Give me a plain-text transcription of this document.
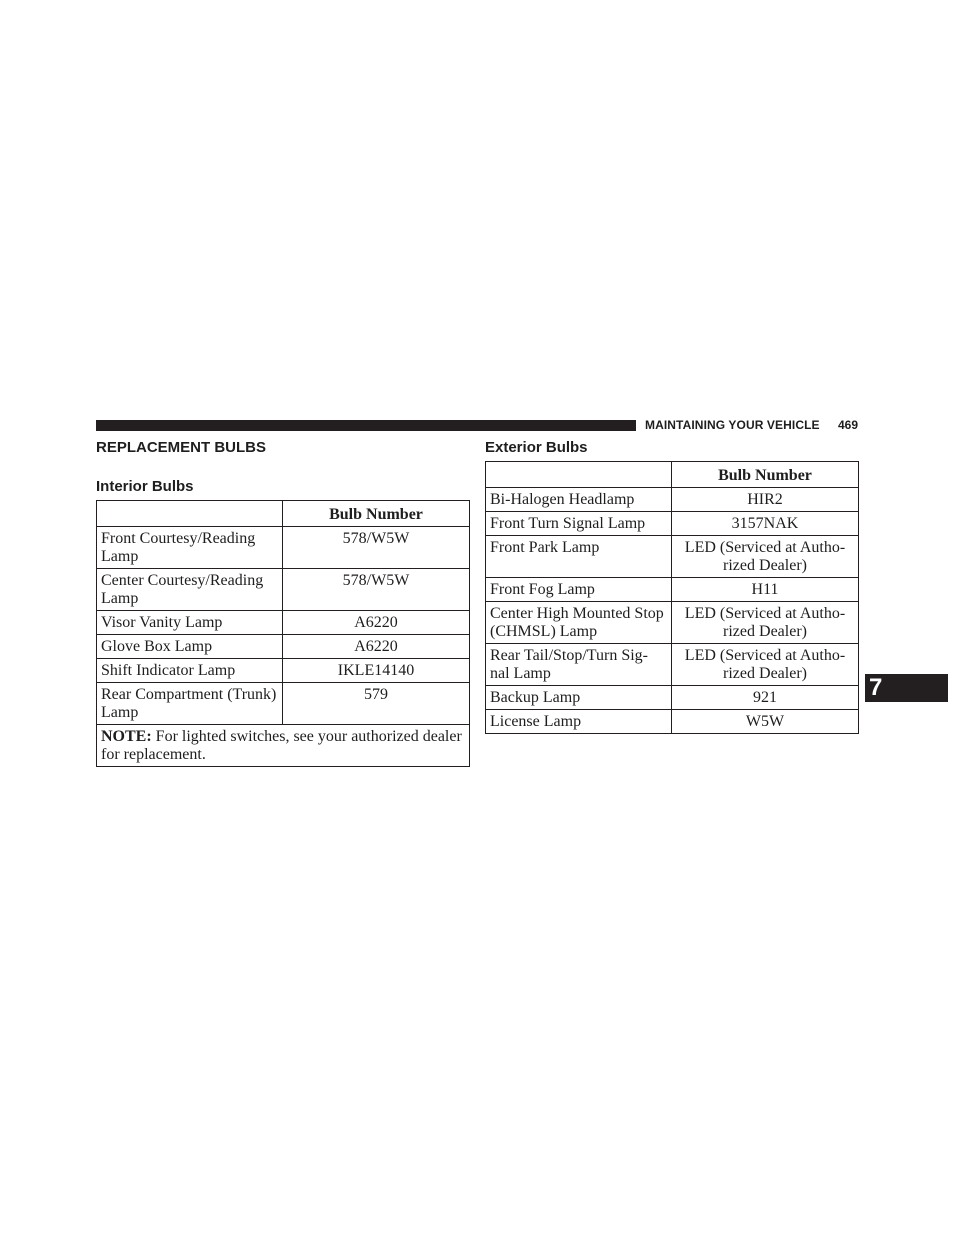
MAINTAINING YOUR VEHICLE 469
REPLACEMENT BULBS
Interior Bulbs
Exterior Bulbs
	Bulb Number
Front Courtesy/Reading Lamp	578/W5W
Center Courtesy/Reading Lamp	578/W5W
Visor Vanity Lamp	A6220
Glove Box Lamp	A6220
Shift Indicator Lamp	IKLE14140
Rear Compartment (Trunk) Lamp	579
NOTE: For lighted switches, see your authorized dealer for replacement.	
	Bulb Number
Bi-Halogen Headlamp	HIR2
Front Turn Signal Lamp	3157NAK
Front Park Lamp	LED (Serviced at Autho-rized Dealer)
Front Fog Lamp	H11
Center High Mounted Stop (CHMSL) Lamp	LED (Serviced at Autho-rized Dealer)
Rear Tail/Stop/Turn Sig-nal Lamp	LED (Serviced at Autho-rized Dealer)
Backup Lamp	921
License Lamp	W5W
7
